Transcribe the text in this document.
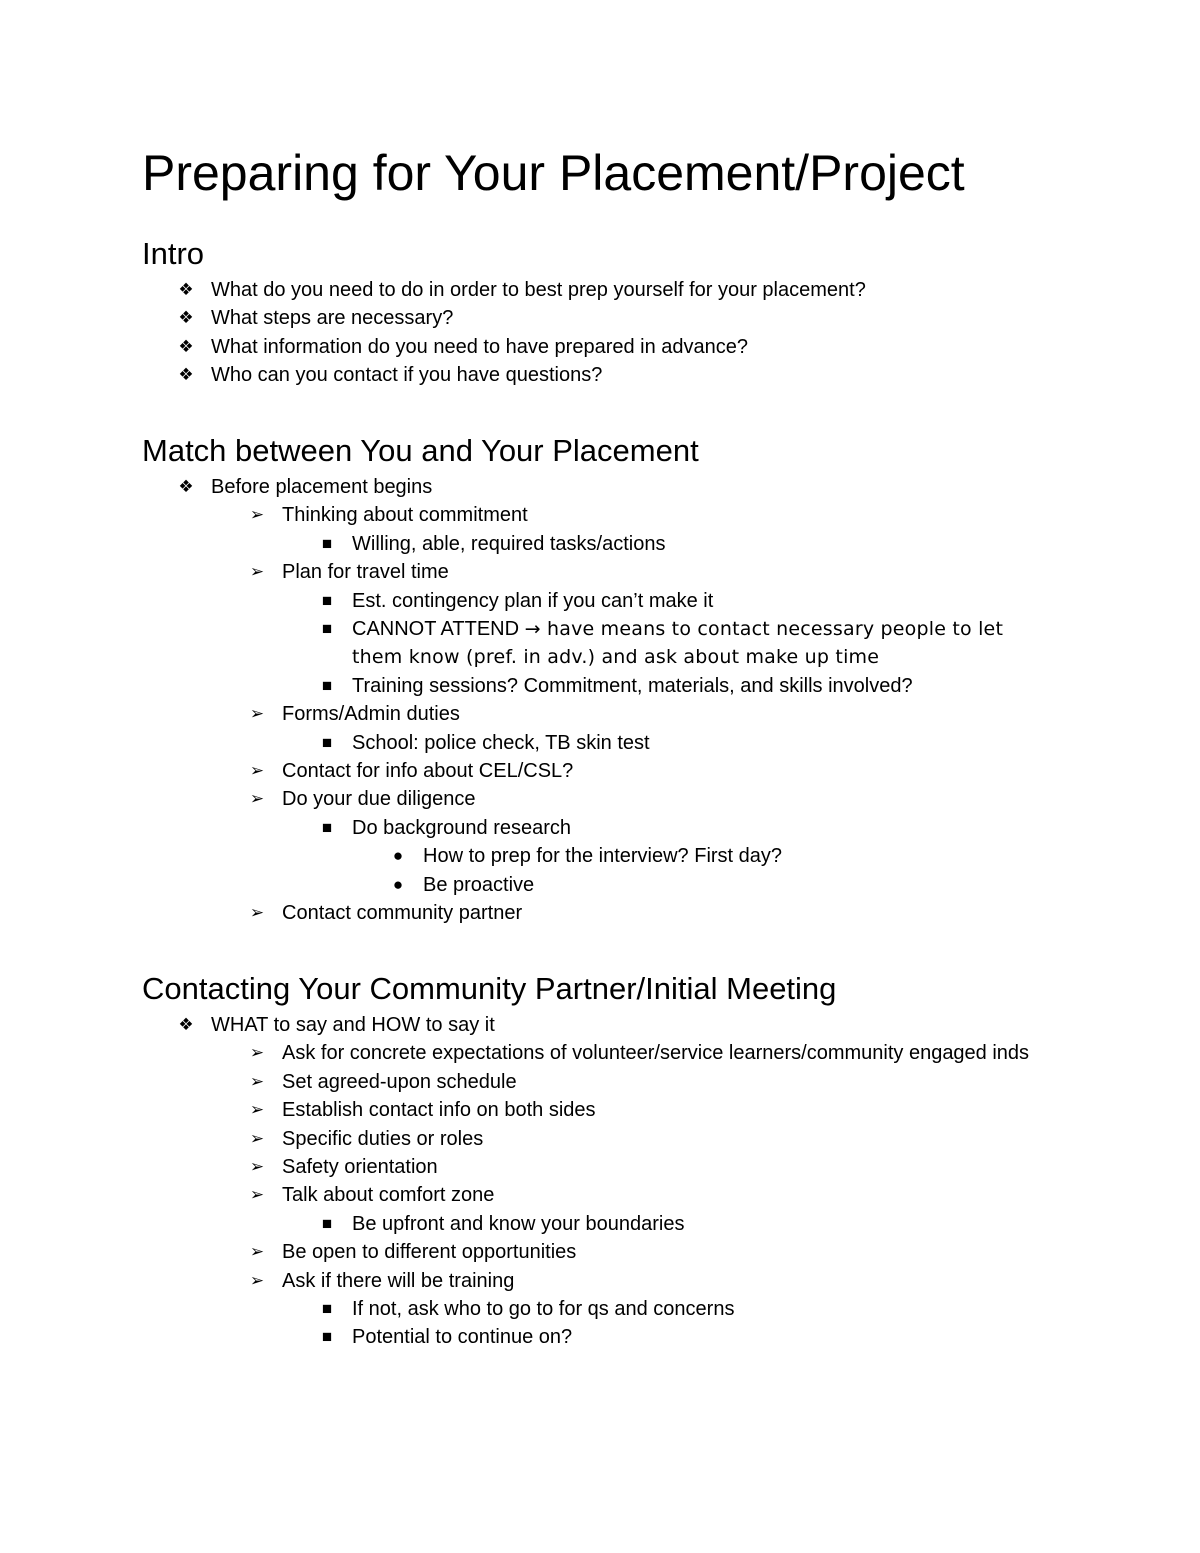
Preparing for Your Placement/Project
Intro
❖ What do you need to do in order to best prep yourself for your placement?
❖ What steps are necessary?
❖ What information do you need to have prepared in advance?
❖ Who can you contact if you have questions?
Match between You and Your Placement
❖ Before placement begins
➢ Thinking about commitment
■ Willing, able, required tasks/actions
➢ Plan for travel time
■ Est. contingency plan if you can’t make it
■ CANNOT ATTEND → have means to contact necessary people to let them know (pref. in adv.) and ask about make up time
■ Training sessions? Commitment, materials, and skills involved?
➢ Forms/Admin duties
■ School: police check, TB skin test
➢ Contact for info about CEL/CSL?
➢ Do your due diligence
■ Do background research
● How to prep for the interview? First day?
● Be proactive
➢ Contact community partner
Contacting Your Community Partner/Initial Meeting
❖ WHAT to say and HOW to say it
➢ Ask for concrete expectations of volunteer/service learners/community engaged inds
➢ Set agreed-upon schedule
➢ Establish contact info on both sides
➢ Specific duties or roles
➢ Safety orientation
➢ Talk about comfort zone
■ Be upfront and know your boundaries
➢ Be open to different opportunities
➢ Ask if there will be training
■ If not, ask who to go to for qs and concerns
■ Potential to continue on?
